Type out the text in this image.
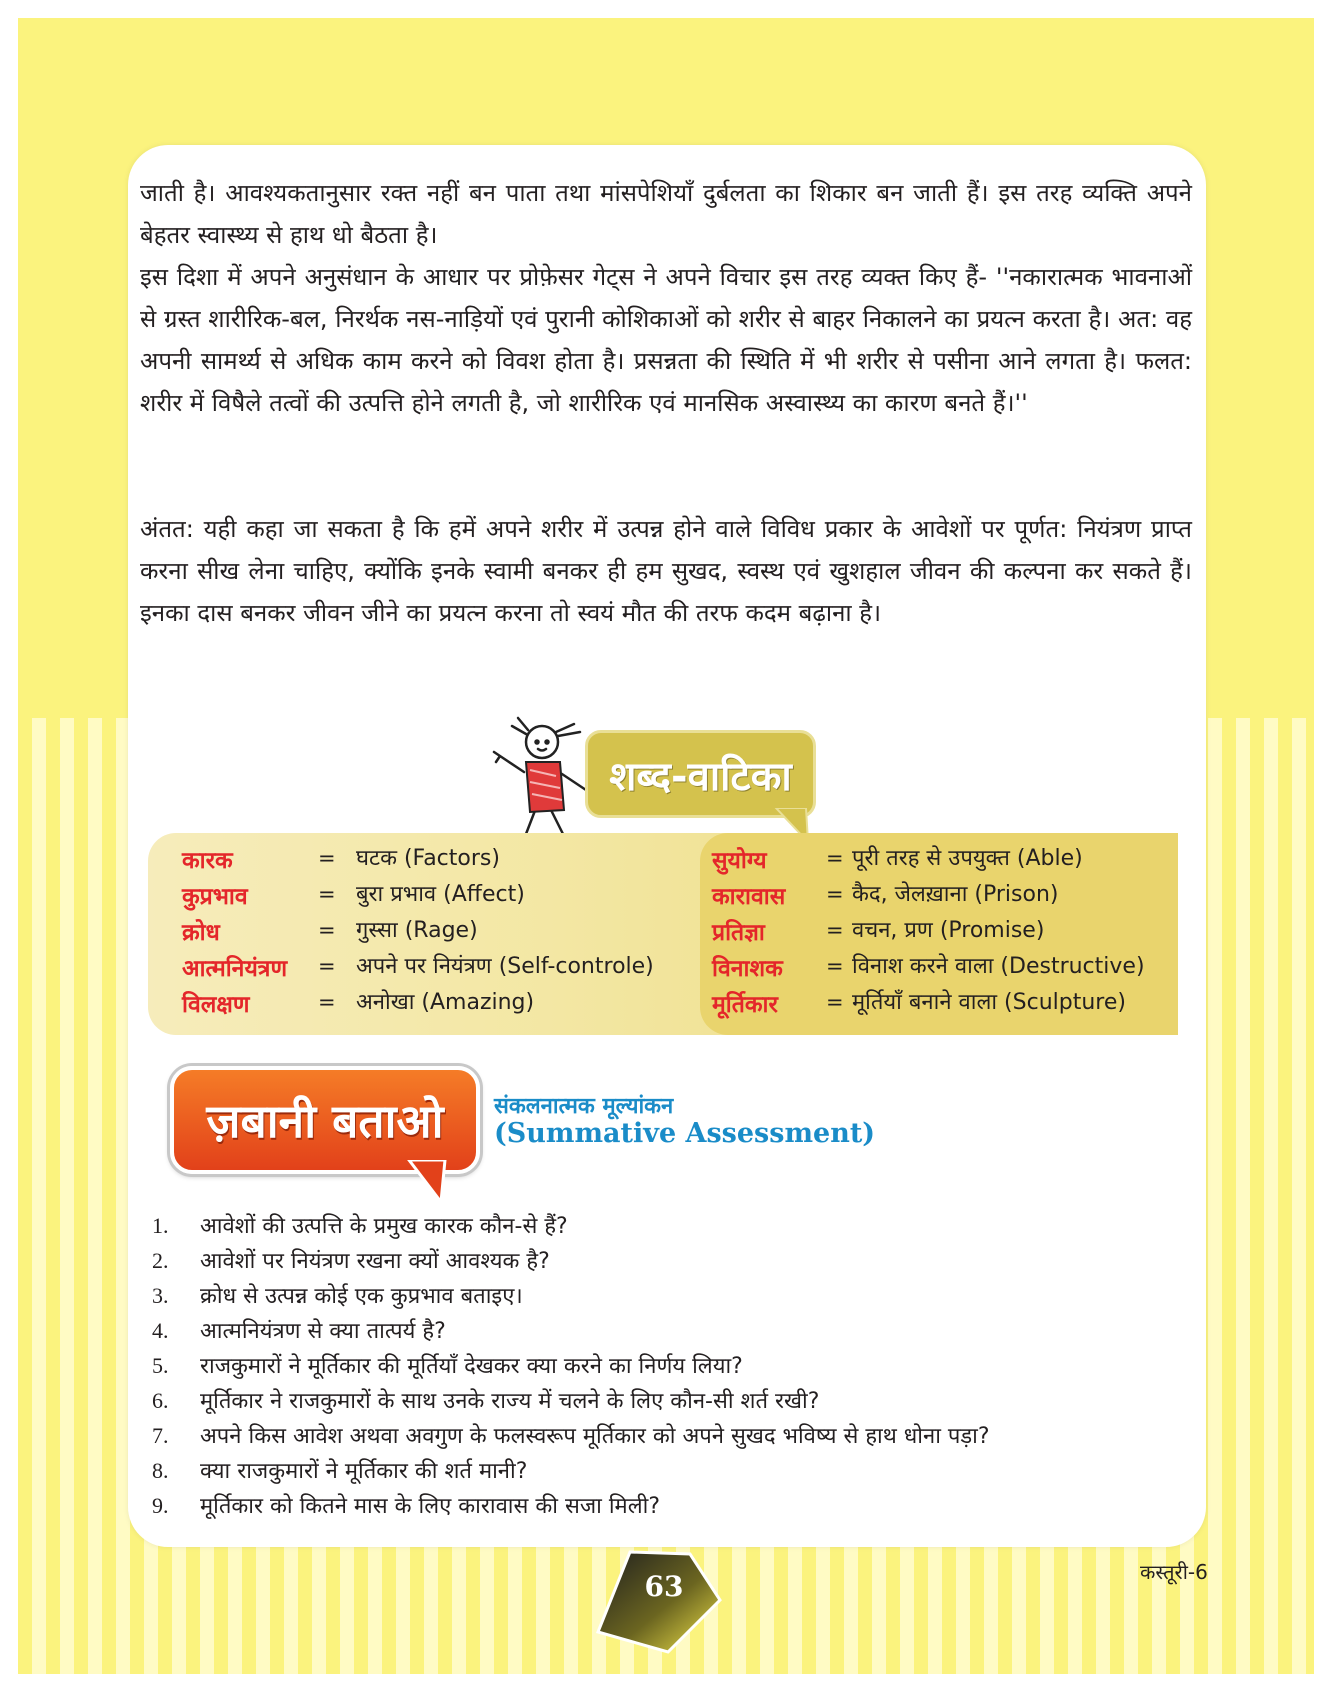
जाती है। आवश्यकतानुसार रक्त नहीं बन पाता तथा मांसपेशियाँ दुर्बलता का शिकार बन जाती हैं। इस तरह व्यक्ति अपने बेहतर स्वास्थ्य से हाथ धो बैठता है।

इस दिशा में अपने अनुसंधान के आधार पर प्रोफ़ेसर गेट्स ने अपने विचार इस तरह व्यक्त किए हैं- ''नकारात्मक भावनाओं से ग्रस्त शारीरिक-बल, निरर्थक नस-नाड़ियों एवं पुरानी कोशिकाओं को शरीर से बाहर निकालने का प्रयत्न करता है। अत: वह अपनी सामर्थ्य से अधिक काम करने को विवश होता है। प्रसन्नता की स्थिति में भी शरीर से पसीना आने लगता है। फलत: शरीर में विषैले तत्वों की उत्पत्ति होने लगती है, जो शारीरिक एवं मानसिक अस्वास्थ्य का कारण बनते हैं।''

अंतत: यही कहा जा सकता है कि हमें अपने शरीर में उत्पन्न होने वाले विविध प्रकार के आवेशों पर पूर्णत: नियंत्रण प्राप्त करना सीख लेना चाहिए, क्योंकि इनके स्वामी बनकर ही हम सुखद, स्वस्थ एवं खुशहाल जीवन की कल्पना कर सकते हैं। इनका दास बनकर जीवन जीने का प्रयत्न करना तो स्वयं मौत की तरफ कदम बढ़ाना है।

शब्द-वाटिका
कारक	= घटक (Factors)
कुप्रभाव	= बुरा प्रभाव (Affect)
क्रोध	= गुस्सा (Rage)
आत्मनियंत्रण = अपने पर नियंत्रण (Self-controle)
विलक्षण	= अनोखा (Amazing)
सुयोग्य	= पूरी तरह से उपयुक्त (Able)
कारावास = कैद, जेलख़ाना (Prison)
प्रतिज्ञा	= वचन, प्रण (Promise)
विनाशक = विनाश करने वाला (Destructive)
मूर्तिकार = मूर्तियाँ बनाने वाला (Sculpture)
ज़बानी बताओ	संकलनात्मक मूल्यांकन
(Summative Assessment)
1. आवेशों की उत्पत्ति के प्रमुख कारक कौन-से हैं?
2. आवेशों पर नियंत्रण रखना क्यों आवश्यक है?
3. क्रोध से उत्पन्न कोई एक कुप्रभाव बताइए।
4. आत्मनियंत्रण से क्या तात्पर्य है?
5. राजकुमारों ने मूर्तिकार की मूर्तियाँ देखकर क्या करने का निर्णय लिया?
6. मूर्तिकार ने राजकुमारों के साथ उनके राज्य में चलने के लिए कौन-सी शर्त रखी?
7. अपने किस आवेश अथवा अवगुण के फलस्वरूप मूर्तिकार को अपने सुखद भविष्य से हाथ धोना पड़ा?
8. क्या राजकुमारों ने मूर्तिकार की शर्त मानी?
9. मूर्तिकार को कितने मास के लिए कारावास की सजा मिली?
63	कस्तूरी-6
